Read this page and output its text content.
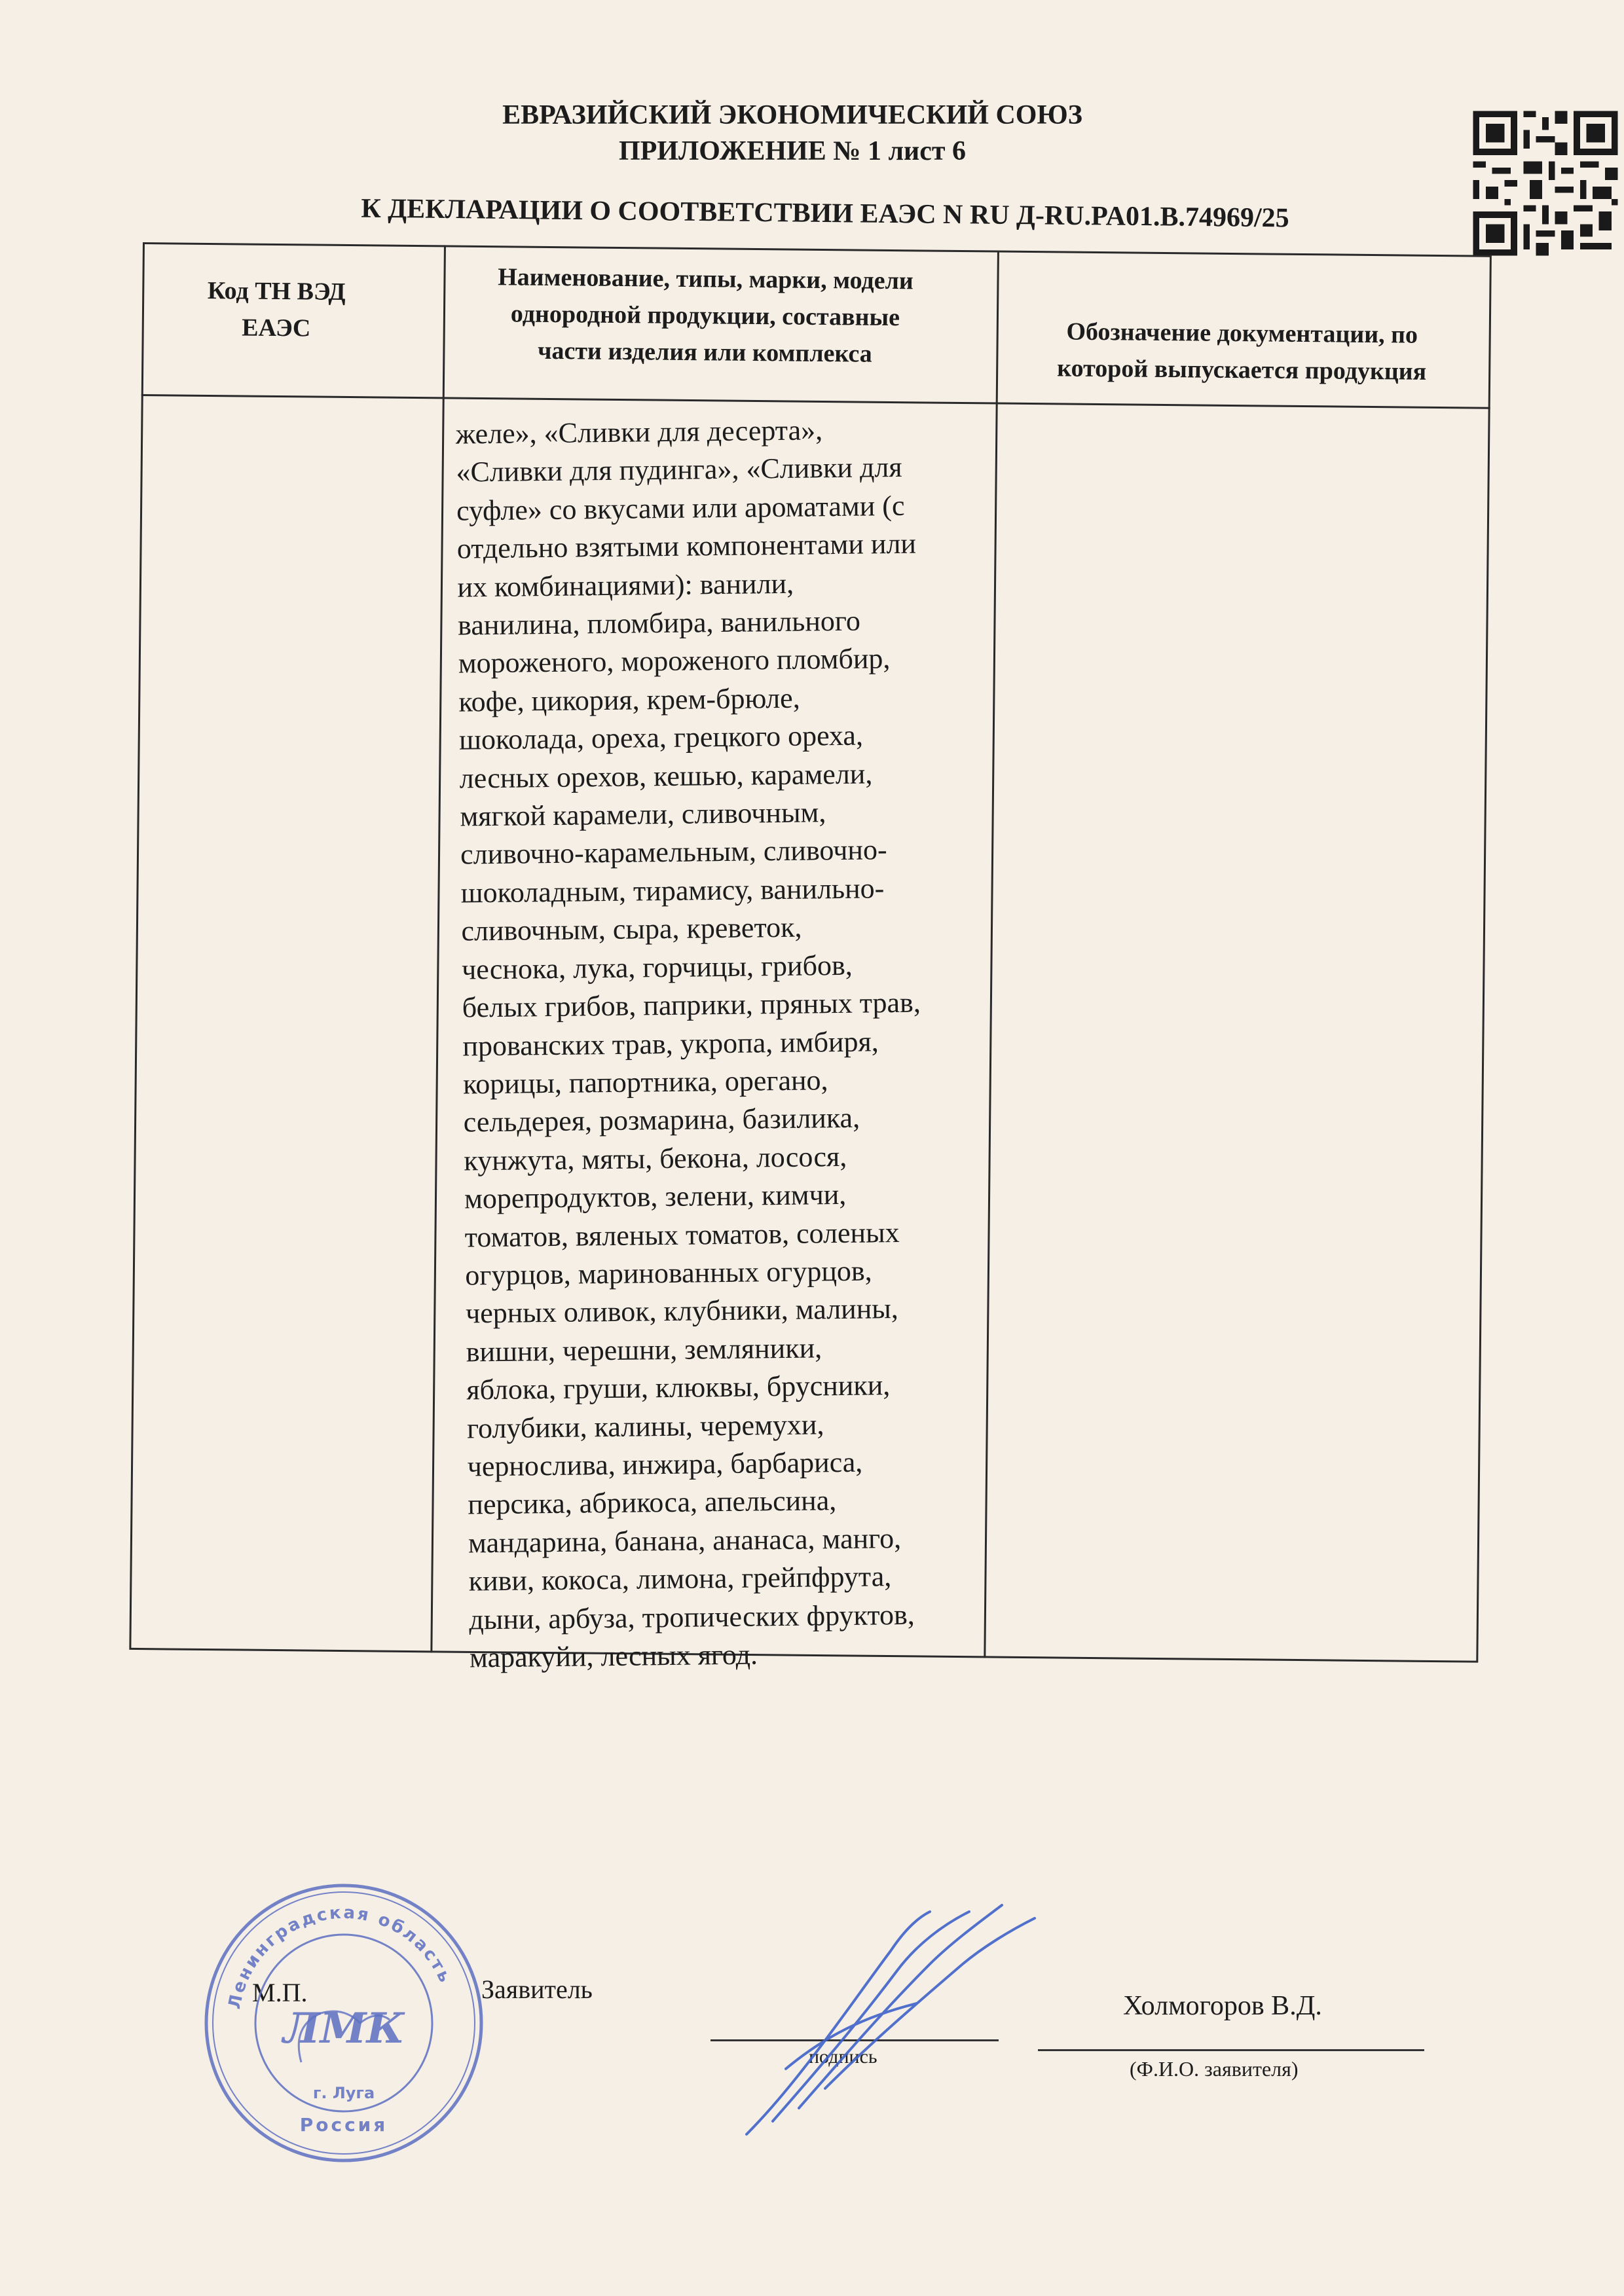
ЕВРАЗИЙСКИЙ ЭКОНОМИЧЕСКИЙ СОЮЗ
ПРИЛОЖЕНИЕ № 1 лист 6
К ДЕКЛАРАЦИИ О СООТВЕТСТВИИ ЕАЭС N RU Д-RU.PA01.B.74969/25
Код ТН ВЭД
ЕАЭС
Наименование, типы, марки, модели
однородной продукции, составные
части изделия или комплекса
Обозначение документации, по
которой выпускается продукция
желе», «Сливки для десерта»,
«Сливки для пудинга», «Сливки для
суфле» со вкусами или ароматами (с
отдельно взятыми компонентами или
их комбинациями): ванили,
ванилина, пломбира, ванильного
мороженого, мороженого пломбир,
кофе, цикория, крем-брюле,
шоколада, ореха, грецкого ореха,
лесных орехов, кешью, карамели,
мягкой карамели, сливочным,
сливочно-карамельным, сливочно-
шоколадным, тирамису, ванильно-
сливочным, сыра, креветок,
чеснока, лука, горчицы, грибов,
белых грибов, паприки, пряных трав,
прованских трав, укропа, имбиря,
корицы, папортника, орегано,
сельдерея, розмарина, базилика,
кунжута, мяты, бекона, лосося,
морепродуктов, зелени, кимчи,
томатов, вяленых томатов, соленых
огурцов, маринованных огурцов,
черных оливок, клубники, малины,
вишни, черешни, земляники,
яблока, груши, клюквы, брусники,
голубики, калины, черемухи,
чернослива, инжира, барбариса,
персика, абрикоса, апельсина,
мандарина, банана, ананаса, манго,
киви, кокоса, лимона, грейпфрута,
дыни, арбуза, тропических фруктов,
маракуйи, лесных ягод.
М.П.	Заявитель
Холмогоров В.Д.
подпись
(Ф.И.О. заявителя)
Ленинградская область
ЛМК
г. Луга
Россия
